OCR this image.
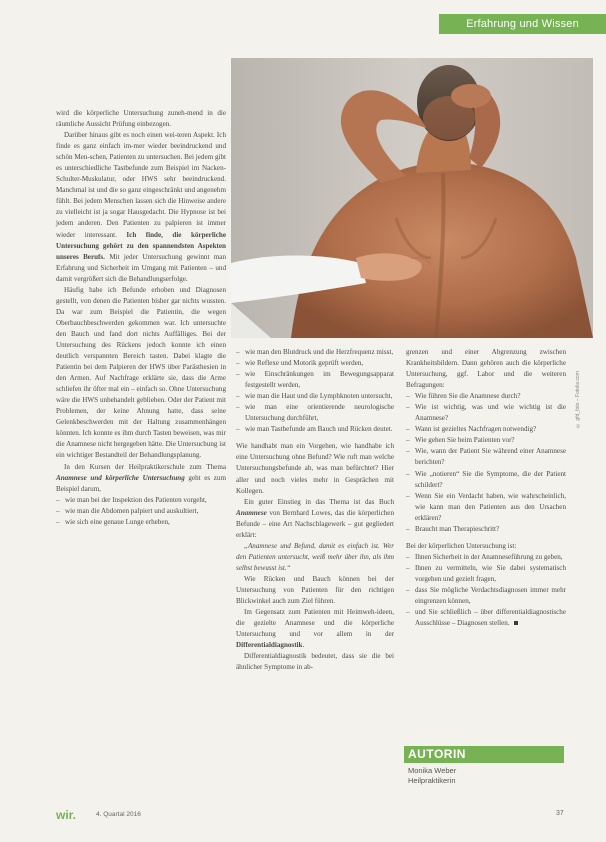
Erfahrung und Wissen
© gfd_foto – Fotolia.com

wird die körperliche Untersuchung zuneh-mend in die räumliche Aussicht Prüfung einbezogen.

Darüber hinaus gibt es noch einen wei-teren Aspekt. Ich finde es ganz einfach im-mer wieder beeindruckend und schön Men-schen, Patienten zu untersuchen. Bei jedem gibt es unterschiedliche Tastbefunde zum Beispiel im Nacken-Schulter-Muskulatur, oder HWS sehr beeindruckend. Manchmal ist und die so ganz eingeschränkt und angenehm fühlt. Bei jedem Menschen lassen sich die Hinweise andere zu vielleicht ist ja sogar Hausgedacht. Die Hypnose ist bei jedem anderen. Den Patienten zu palpieren ist immer wieder interessant. Ich finde, die körperliche Untersuchung gehört zu den spannendsten Aspekten unseres Berufs. Mit jeder Untersuchung gewinnt man Erfahrung und Sicherheit im Umgang mit Patienten – und damit vergrößert sich die Behandlungserfolge.

Häufig habe ich Befunde erhoben und Diagnosen gestellt, von denen die Patienten bisher gar nichts wussten. Da war zum Beispiel die Patientin, die wegen Oberbauchbeschwerden gekommen war. Ich untersuchte den Bauch und fand dort nichts Auffälliges. Bei der Untersuchung des Rückens jedoch konnte ich einen deutlich verspannten Bereich tasten. Dabei klagte die Patientin bei dem Palpieren der HWS über Parästhesien in den Armen. Auf Nachfrage erklärte sie, dass die Arme schliefen ihr öfter mal ein – einfach so. Ohne Untersuchung wäre die HWS unbehandelt geblieben. Oder der Patient mit Problemen, der keine Ahnung hatte, dass seine Gelenkbeschwerden mit der Haltung zusammenhängen könnten. Ich konnte es ihm durch Tasten beweisen, was mir die Anamnese nicht hergegeben hätte. Die Untersuchung ist ein wichtiger Bestandteil der Behandlungsplanung.

In den Kursen der Heilpraktikerschule zum Thema Anamnese und körperliche Untersuchung geht es zum Beispiel darum,

– wie man bei der Inspektion des Patienten vorgeht,
– wie man die Abdomen palpiert und auskultiert,
– wie sich eine genaue Lunge erheben,
– wie man den Blutdruck und die Herzfrequenz misst,
– wie Reflexe und Motorik geprüft werden,
– wie Einschränkungen im Bewegungsapparat festgestellt werden,
– wie man die Haut und die Lymphknoten untersucht,
– wie man eine orientierende neurologische Untersuchung durchführt,
– wie man Tastbefunde am Bauch und Rücken deutet.

Wie handhabt man ein Vorgehen, wie handhabe ich eine Untersuchung ohne Befund? Wie ruft man welche Untersuchungsbefunde ab, was man befürchtet? Hier aller und noch vieles mehr in Gesprächen mit Kollegen.

Ein guter Einstieg in das Thema ist das Buch Anamnese von Bernhard Lowes, das die körperlichen Befunde – eine Art Nachschlagewerk – gut gegliedert erklärt:

„Anamnese und Befund, damit es einfach ist. Wer den Patienten untersucht, weiß mehr über ihn, als ihm selbst bewusst ist.“

Wie Rücken und Bauch können bei der Untersuchung von Patienten für den richtigen Blickwinkel auch zum Ziel führen.

Im Gegensatz zum Patienten mit Heimweh-ideen, die gezielte Anamnese und die körperliche Untersuchung und vor allem in der Differentialdiagnostik.

Differentialdiagnostik bedeutet, dass sie die bei ähnlicher Symptome in ab-

grenzen und einer Abgrenzung zwischen Krankheitsbildern. Dann gehören auch die körperliche Untersuchung, ggf. Labor und die weiteren Befragungen:

– Wie führen Sie die Anamnese durch?
– Wie ist wichtig, was und wie wichtig ist die Anamnese?
– Wann ist gezieltes Nachfragen notwendig?
– Wie gehen Sie beim Patienten vor?
– Wie, wann der Patient Sie während einer Anamnese berichten?
– Wie „notieren“ Sie die Symptome, die der Patient schildert?
– Wenn Sie ein Verdacht haben, wie wahrscheinlich, wie kann man den Patienten aus den Ursachen erklären?
– Braucht man Therapieschritt?

Bei der körperlichen Untersuchung ist:

– Ihnen Sicherheit in der Anamneseführung zu geben,
– Ihnen zu vermitteln, wie Sie dabei systematisch vorgehen und gezielt fragen,
– dass Sie mögliche Verdachtsdiagnosen immer mehr eingrenzen können,
– und Sie schließlich – über differentialdiagnostische Ausschlüsse – Diagnosen stellen.
AUTORIN
Monika Weber
Heilpraktikerin
wir.	4. Quartal 2016	37
